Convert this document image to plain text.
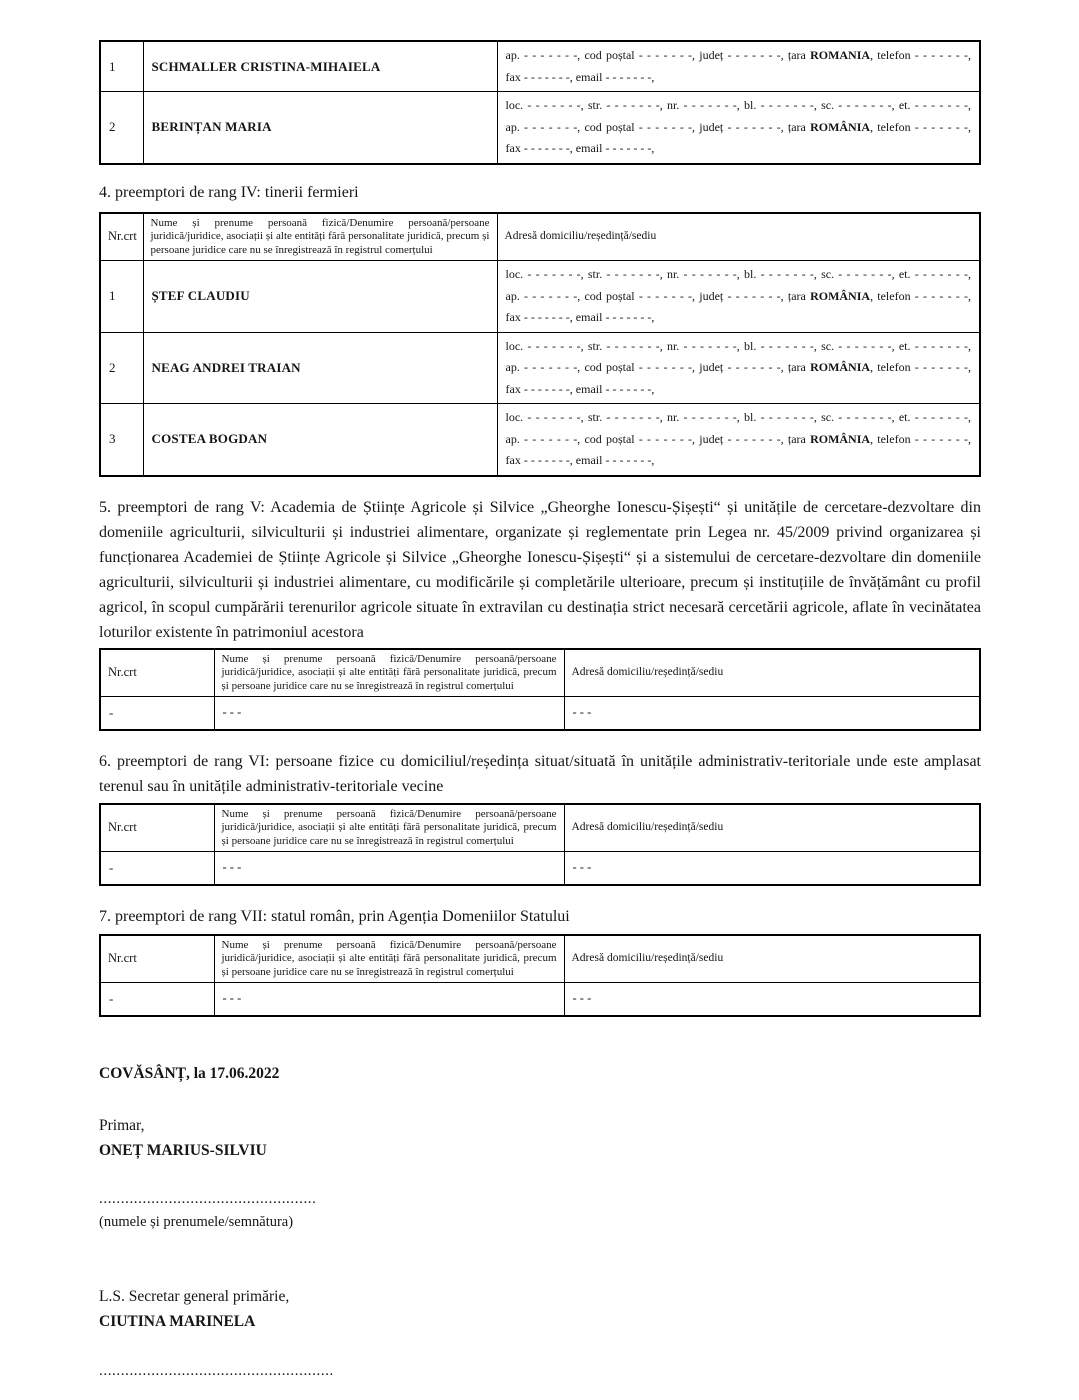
1	SCHMALLER CRISTINA-MIHAIELA	ap. - - - - - - -, cod poștal - - - - - - -, județ - - - - - - -, țara ROMANIA, telefon - - - - - - -,
fax - - - - - - -, email - - - - - - -,

2	BERINȚAN MARIA	loc. - - - - - - -, str. - - - - - - -, nr. - - - - - - -, bl. - - - - - - -, sc. - - - - - - -, et. - - - - - - -,
ap. - - - - - - -, cod poștal - - - - - - -, județ - - - - - - -, țara ROMÂNIA, telefon - - - - - - -,
fax - - - - - - -, email - - - - - - -,
4. preemptori de rang IV: tinerii fermieri
Nr.crt	Nume și prenume persoană fizică/Denumire persoană/persoane juridică/juridice, asociații și alte entități fără personalitate juridică, precum și persoane juridice care nu se înregistrează în registrul comerțului	Adresă domiciliu/reședință/sediu
1	ȘTEF CLAUDIU	loc. - - - - - - -, str. - - - - - - -, nr. - - - - - - -, bl. - - - - - - -, sc. - - - - - - -, et. - - - - - - -,
ap. - - - - - - -, cod poștal - - - - - - -, județ - - - - - - -, țara ROMÂNIA, telefon - - - - - - -,
fax - - - - - - -, email - - - - - - -,

2	NEAG ANDREI TRAIAN	loc. - - - - - - -, str. - - - - - - -, nr. - - - - - - -, bl. - - - - - - -, sc. - - - - - - -, et. - - - - - - -,
ap. - - - - - - -, cod poștal - - - - - - -, județ - - - - - - -, țara ROMÂNIA, telefon - - - - - - -,
fax - - - - - - -, email - - - - - - -,

3	COSTEA BOGDAN	loc. - - - - - - -, str. - - - - - - -, nr. - - - - - - -, bl. - - - - - - -, sc. - - - - - - -, et. - - - - - - -,
ap. - - - - - - -, cod poștal - - - - - - -, județ - - - - - - -, țara ROMÂNIA, telefon - - - - - - -,
fax - - - - - - -, email - - - - - - -,
5. preemptori de rang V: Academia de Științe Agricole și Silvice „Gheorghe Ionescu-Șișești“ și unitățile de cercetare-dezvoltare din domeniile agriculturii, silviculturii și industriei alimentare, organizate și reglementate prin Legea nr. 45/2009 privind organizarea și funcționarea Academiei de Științe Agricole și Silvice „Gheorghe Ionescu-Șișești“ și a sistemului de cercetare-dezvoltare din domeniile agriculturii, silviculturii și industriei alimentare, cu modificările și completările ulterioare, precum și instituțiile de învățământ cu profil agricol, în scopul cumpărării terenurilor agricole situate în extravilan cu destinația strict necesară cercetării agricole, aflate în vecinătatea loturilor existente în patrimoniul acestora
Nr.crt	Nume și prenume persoană fizică/Denumire persoană/persoane juridică/juridice, asociații și alte entități fără personalitate juridică, precum și persoane juridice care nu se înregistrează în registrul comerțului	Adresă domiciliu/reședință/sediu
-	- - -	- - -
6. preemptori de rang VI: persoane fizice cu domiciliul/reședința situat/situată în unitățile administrativ-teritoriale unde este amplasat terenul sau în unitățile administrativ-teritoriale vecine
Nr.crt	Nume și prenume persoană fizică/Denumire persoană/persoane juridică/juridice, asociații și alte entități fără personalitate juridică, precum și persoane juridice care nu se înregistrează în registrul comerțului	Adresă domiciliu/reședință/sediu
-	- - -	- - -
7. preemptori de rang VII: statul român, prin Agenția Domeniilor Statului
Nr.crt	Nume și prenume persoană fizică/Denumire persoană/persoane juridică/juridice, asociații și alte entități fără personalitate juridică, precum și persoane juridice care nu se înregistrează în registrul comerțului	Adresă domiciliu/reședință/sediu
-	- - -	- - -
COVĂSÂNȚ, la 17.06.2022
Primar,
ONEȚ MARIUS-SILVIU
..................................................
(numele și prenumele/semnătura)
L.S. Secretar general primărie,
CIUTINA MARINELA
......................................................
